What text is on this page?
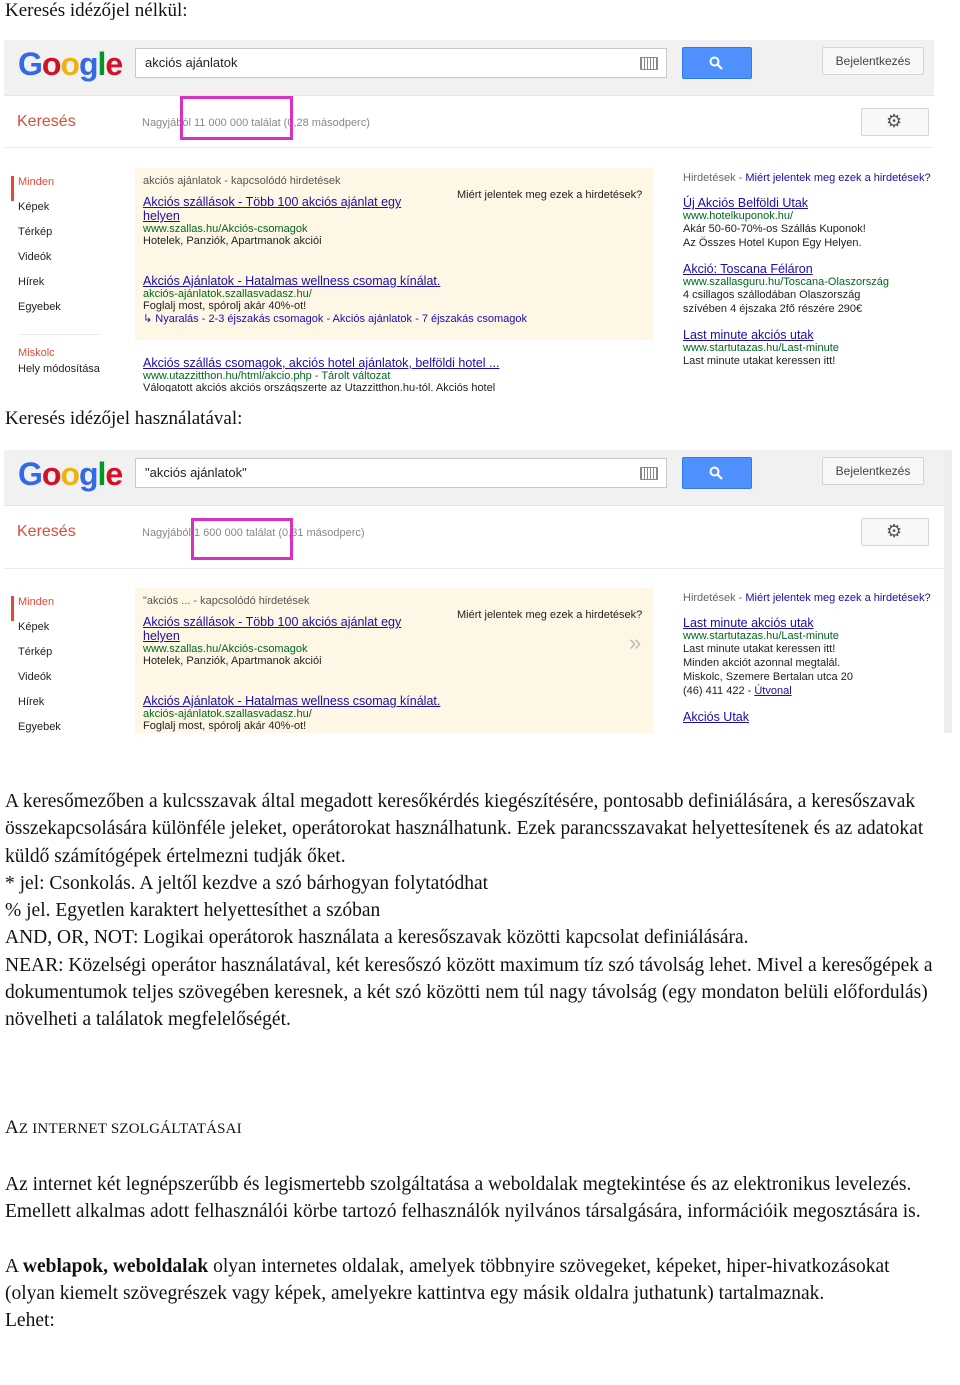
Keresés idézőjel nélkül:
Google akciós ajánlatok	Bejelentkezés
Keresés	Nagyjából 11 000 000 találat (0,28 másodperc)	⚙
Minden
Képek
Térkép
Videók
Hírek
Egyebek
Miskolc
Hely módosítása
akciós ajánlatok - kapcsolódó hirdetések
Miért jelentek meg ezek a hirdetések?
Akciós szállások - Több 100 akciós ajánlat egy
helyen
www.szallas.hu/Akciós-csomagok
Hotelek, Panziók, Apartmanok akciói
Akciós Ajánlatok - Hatalmas wellness csomag kínálat.
akciós-ajánlatok.szallasvadasz.hu/
Foglalj most, spórolj akár 40%-ot!
↳ Nyaralás - 2-3 éjszakás csomagok - Akciós ajánlatok - 7 éjszakás csomagok
Akciós szállás csomagok, akciós hotel ajánlatok, belföldi hotel ...
www.utazzitthon.hu/html/akcio.php - Tárolt változat
Válogatott akciós akciós országszerte az Utazzitthon.hu-tól. Akciós hotel
Hirdetések - Miért jelentek meg ezek a hirdetések?
Új Akciós Belföldi Utak
www.hotelkuponok.hu/
Akár 50-60-70%-os Szállás Kuponok!
Az Összes Hotel Kupon Egy Helyen.
Akció: Toscana Féláron
www.szallasguru.hu/Toscana-Olaszország
4 csillagos szállodában Olaszország
szívében 4 éjszaka 2fő részére 290€
Last minute akciós utak
www.startutazas.hu/Last-minute
Last minute utakat keressen itt!
Keresés idézőjel használatával:
Google "akciós ajánlatok"	Bejelentkezés
Keresés	Nagyjából 1 600 000 találat (0,31 másodperc)	⚙
Minden
Képek
Térkép
Videók
Hírek
Egyebek
"akciós ... - kapcsolódó hirdetések
Miért jelentek meg ezek a hirdetések?
»
Akciós szállások - Több 100 akciós ajánlat egy
helyen
www.szallas.hu/Akciós-csomagok
Hotelek, Panziók, Apartmanok akciói
Akciós Ajánlatok - Hatalmas wellness csomag kínálat.
akciós-ajánlatok.szallasvadasz.hu/
Foglalj most, spórolj akár 40%-ot!
Hirdetések - Miért jelentek meg ezek a hirdetések?
Last minute akciós utak
www.startutazas.hu/Last-minute
Last minute utakat keressen itt!
Minden akciót azonnal megtalál.
Miskolc, Szemere Bertalan utca 20
(46) 411 422 - Útvonal
Akciós Utak

A keresőmezőben a kulcsszavak által megadott keresőkérdés kiegészítésére, pontosabb definiálására, a keresőszavak összekapcsolására különféle jeleket, operátorokat használhatunk. Ezek parancsszavakat helyettesítenek és az adatokat küldő számítógépek értelmezni tudják őket.

* jel: Csonkolás. A jeltől kezdve a szó bárhogyan folytatódhat

% jel. Egyetlen karaktert helyettesíthet a szóban

AND, OR, NOT: Logikai operátorok használata a keresőszavak közötti kapcsolat definiálására.

NEAR: Közelségi operátor használatával, két keresőszó között maximum tíz szó távolság lehet. Mivel a keresőgépek a dokumentumok teljes szövegében keresnek, a két szó közötti nem túl nagy távolság (egy mondaton belüli előfordulás) növelheti a találatok megfelelőségét.

AZ INTERNET SZOLGÁLTATÁSAI

Az internet két legnépszerűbb és legismertebb szolgáltatása a weboldalak megtekintése és az elektronikus levelezés. Emellett alkalmas adott felhasználói körbe tartozó felhasználók nyilvános társalgására, információik megosztására is.

A weblapok, weboldalak olyan internetes oldalak, amelyek többnyire szövegeket, képeket, hiper-hivatkozásokat (olyan kiemelt szövegrészek vagy képek, amelyekre kattintva egy másik oldalra juthatunk) tartalmaznak.

Lehet:
